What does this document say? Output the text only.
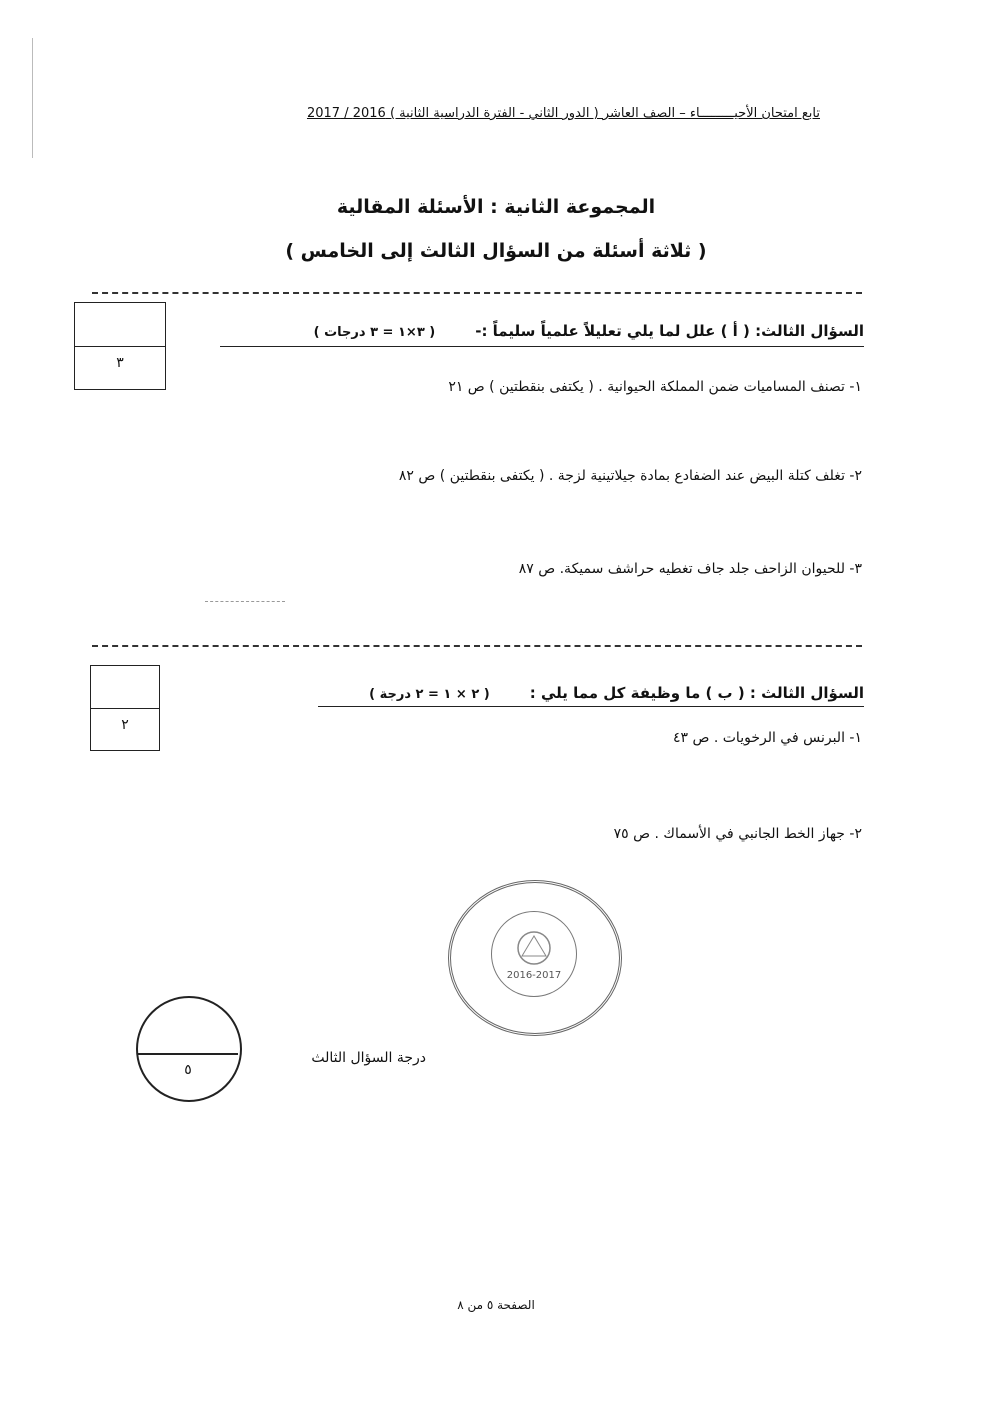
تابع امتحان الأحيـــــــــاء – الصف العاشر ( الدور الثاني - الفترة الدراسية الثانية ) 2016 / 2017
المجموعة الثانية : الأسئلة المقالية
( ثلاثة أسئلة من السؤال الثالث إلى الخامس )
٣
السؤال الثالث: ( أ ) علل لما يلي تعليلاً علمياً سليماً :-( ٣×١ = ٣ درجات )
١- تصنف المساميات ضمن المملكة الحيوانية . ( يكتفى بنقطتين ) ص ٢١
٢- تغلف كتلة البيض عند الضفادع بمادة جيلاتينية لزجة . ( يكتفى بنقطتين ) ص ٨٢
٣- للحيوان الزاحف جلد جاف تغطيه حراشف سميكة. ص ٨٧
٢
السؤال الثالث : ( ب ) ما وظيفة كل مما يلي :( ٢ × ١ = ٢ درجة )
١- البرنس في الرخويات . ص ٤٣
٢- جهاز الخط الجانبي في الأسماك . ص ٧٥
2016-2017
٥
درجة السؤال الثالث
الصفحة ٥ من ٨
